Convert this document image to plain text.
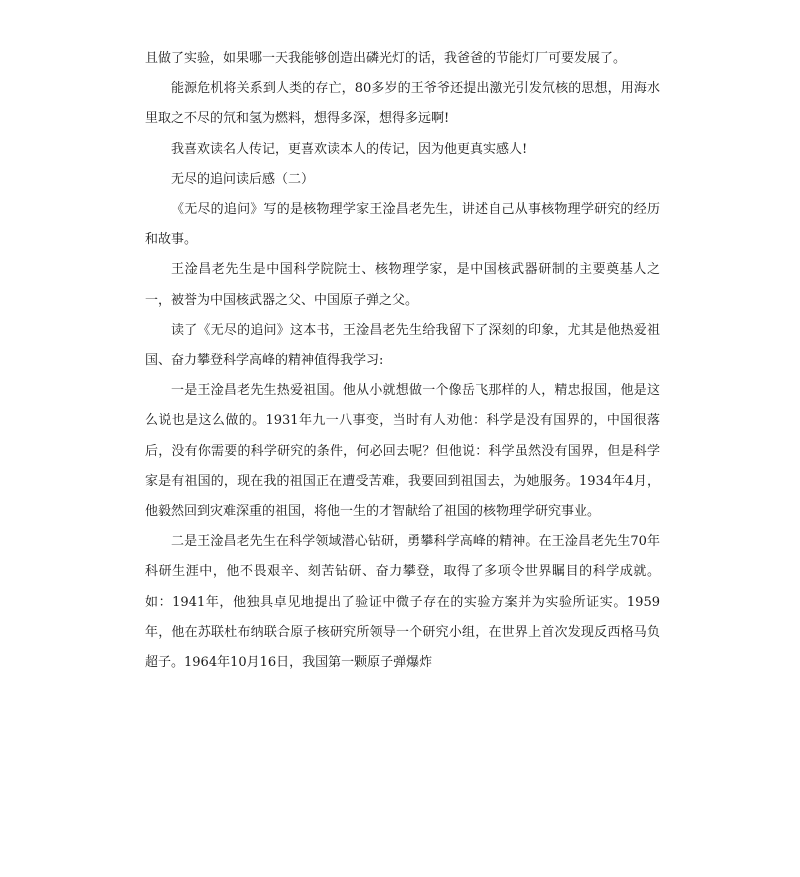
且做了实验，如果哪一天我能够创造出磷光灯的话，我爸爸的节能灯厂可要发展了。

能源危机将关系到人类的存亡，80多岁的王爷爷还提出激光引发氘核的思想，用海水里取之不尽的氘和氢为燃料，想得多深，想得多远啊!

我喜欢读名人传记，更喜欢读本人的传记，因为他更真实感人!

无尽的追问读后感（二）

《无尽的追问》写的是核物理学家王淦昌老先生，讲述自己从事核物理学研究的经历和故事。

王淦昌老先生是中国科学院院士、核物理学家，是中国核武器研制的主要奠基人之一，被誉为中国核武器之父、中国原子弹之父。

读了《无尽的追问》这本书，王淦昌老先生给我留下了深刻的印象，尤其是他热爱祖国、奋力攀登科学高峰的精神值得我学习:

一是王淦昌老先生热爱祖国。他从小就想做一个像岳飞那样的人，精忠报国，他是这么说也是这么做的。1931年九一八事变，当时有人劝他：科学是没有国界的，中国很落后，没有你需要的科学研究的条件，何必回去呢？但他说：科学虽然没有国界，但是科学家是有祖国的，现在我的祖国正在遭受苦难，我要回到祖国去，为她服务。1934年4月，他毅然回到灾难深重的祖国，将他一生的才智献给了祖国的核物理学研究事业。

二是王淦昌老先生在科学领域潜心钻研，勇攀科学高峰的精神。在王淦昌老先生70年科研生涯中，他不畏艰辛、刻苦钻研、奋力攀登，取得了多项令世界瞩目的科学成就。如：1941年，他独具卓见地提出了验证中微子存在的实验方案并为实验所证实。1959年，他在苏联杜布纳联合原子核研究所领导一个研究小组，在世界上首次发现反西格马负超子。1964年10月16日，我国第一颗原子弹爆炸
